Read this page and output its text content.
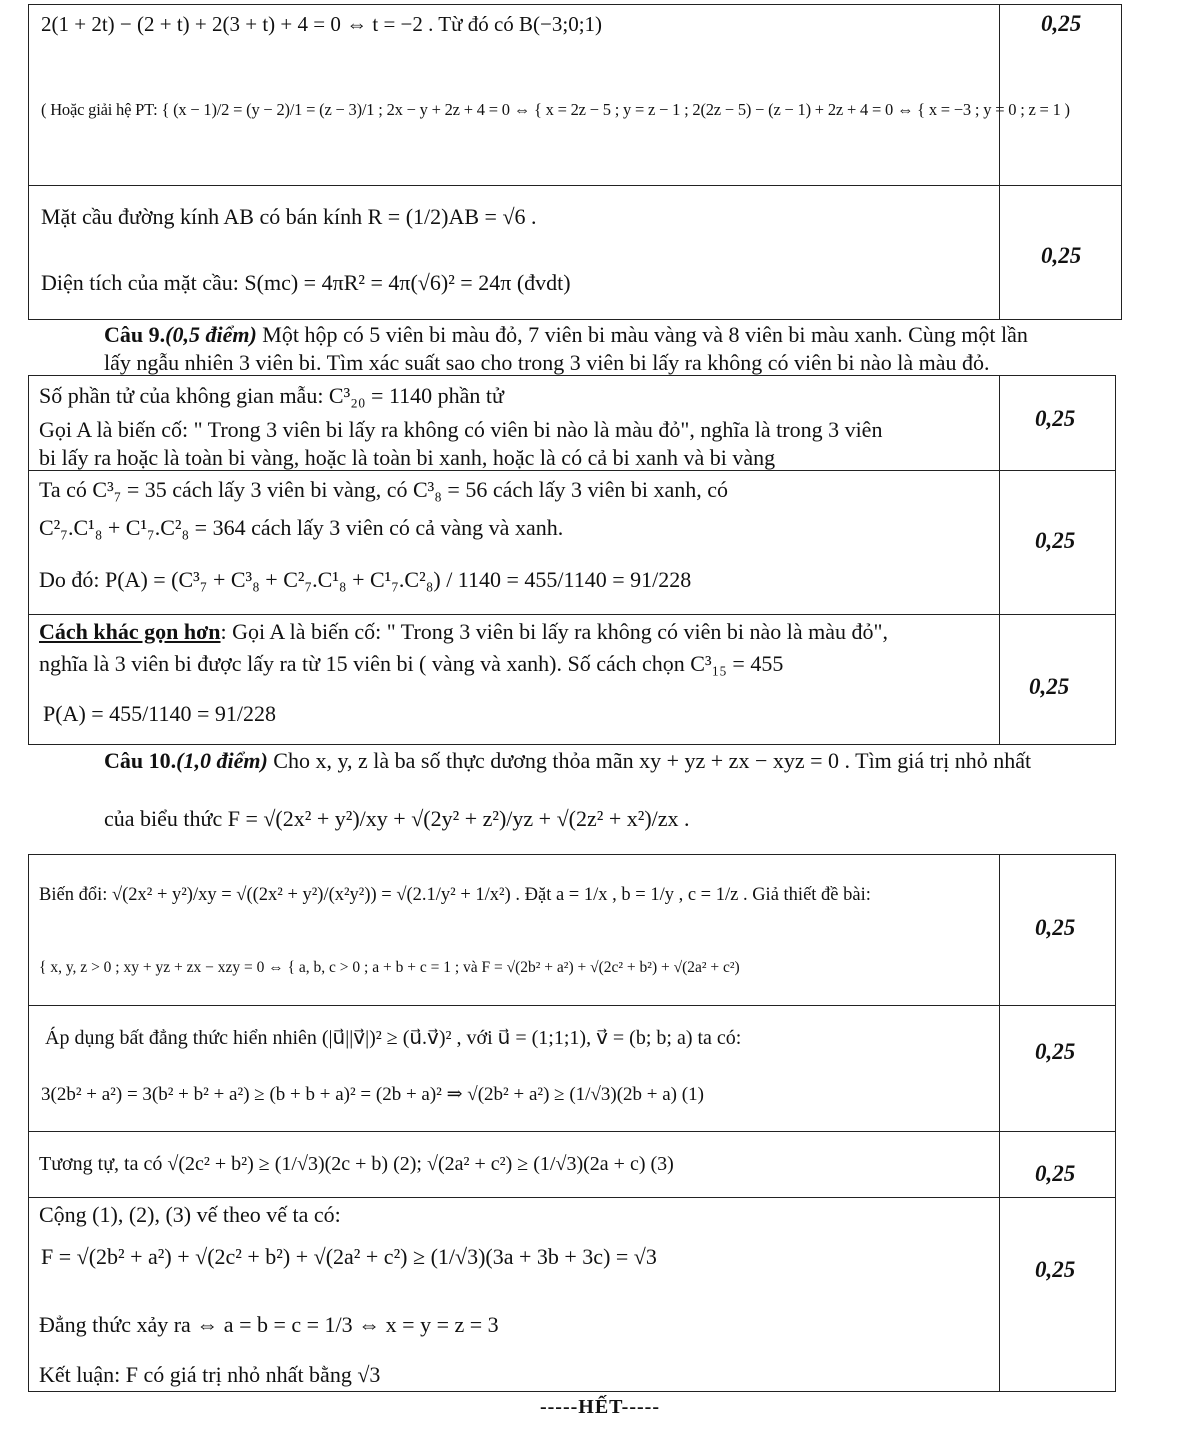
2(1 + 2t) − (2 + t) + 2(3 + t) + 4 = 0 ⇔ t = −2 . Từ đó có B(−3;0;1)
( Hoặc giải hệ PT: { (x − 1)/2 = (y − 2)/1 = (z − 3)/1 ; 2x − y + 2z + 4 = 0 ⇔ { x = 2z − 5 ; y = z − 1 ; 2(2z − 5) − (z − 1) + 2z + 4 = 0 ⇔ { x = −3 ; y = 0 ; z = 1 )
0,25
Mặt cầu đường kính AB có bán kính R = (1/2)AB = √6 .
Diện tích của mặt cầu: S(mc) = 4πR² = 4π(√6)² = 24π (đvdt)
0,25
Câu 9.(0,5 điểm) Một hộp có 5 viên bi màu đỏ, 7 viên bi màu vàng và 8 viên bi màu xanh. Cùng một lần
lấy ngẫu nhiên 3 viên bi. Tìm xác suất sao cho trong 3 viên bi lấy ra không có viên bi nào là màu đỏ.
Số phần tử của không gian mẫu: C³₂₀ = 1140 phần tử
Gọi A là biến cố: " Trong 3 viên bi lấy ra không có viên bi nào là màu đỏ", nghĩa là trong 3 viên
bi lấy ra hoặc là toàn bi vàng, hoặc là toàn bi xanh, hoặc là có cả bi xanh và bi vàng
0,25
Ta có C³₇ = 35 cách lấy 3 viên bi vàng, có C³₈ = 56 cách lấy 3 viên bi xanh, có
C²₇.C¹₈ + C¹₇.C²₈ = 364 cách lấy 3 viên có cả vàng và xanh.
Do đó: P(A) = (C³₇ + C³₈ + C²₇.C¹₈ + C¹₇.C²₈) / 1140 = 455/1140 = 91/228
0,25
Cách khác gọn hơn: Gọi A là biến cố: " Trong 3 viên bi lấy ra không có viên bi nào là màu đỏ",
nghĩa là 3 viên bi được lấy ra từ 15 viên bi ( vàng và xanh). Số cách chọn C³₁₅ = 455
P(A) = 455/1140 = 91/228
0,25
Câu 10.(1,0 điểm) Cho x, y, z là ba số thực dương thỏa mãn xy + yz + zx − xyz = 0 . Tìm giá trị nhỏ nhất
của biểu thức F = √(2x² + y²)/xy + √(2y² + z²)/yz + √(2z² + x²)/zx .
Biến đổi: √(2x² + y²)/xy = √((2x² + y²)/(x²y²)) = √(2.1/y² + 1/x²) . Đặt a = 1/x , b = 1/y , c = 1/z . Giả thiết đề bài:
{ x, y, z > 0 ; xy + yz + zx − xzy = 0 ⇔ { a, b, c > 0 ; a + b + c = 1 ; và F = √(2b² + a²) + √(2c² + b²) + √(2a² + c²)
0,25
Áp dụng bất đẳng thức hiển nhiên (|u⃗||v⃗|)² ≥ (u⃗.v⃗)² , với u⃗ = (1;1;1), v⃗ = (b; b; a) ta có:
3(2b² + a²) = 3(b² + b² + a²) ≥ (b + b + a)² = (2b + a)² ⇒ √(2b² + a²) ≥ (1/√3)(2b + a) (1)
0,25
Tương tự, ta có √(2c² + b²) ≥ (1/√3)(2c + b) (2); √(2a² + c²) ≥ (1/√3)(2a + c) (3)	0,25
Cộng (1), (2), (3) vế theo vế ta có:
F = √(2b² + a²) + √(2c² + b²) + √(2a² + c²) ≥ (1/√3)(3a + 3b + 3c) = √3
Đẳng thức xảy ra ⇔ a = b = c = 1/3 ⇔ x = y = z = 3
Kết luận: F có giá trị nhỏ nhất bằng √3
0,25
-----HẾT-----
